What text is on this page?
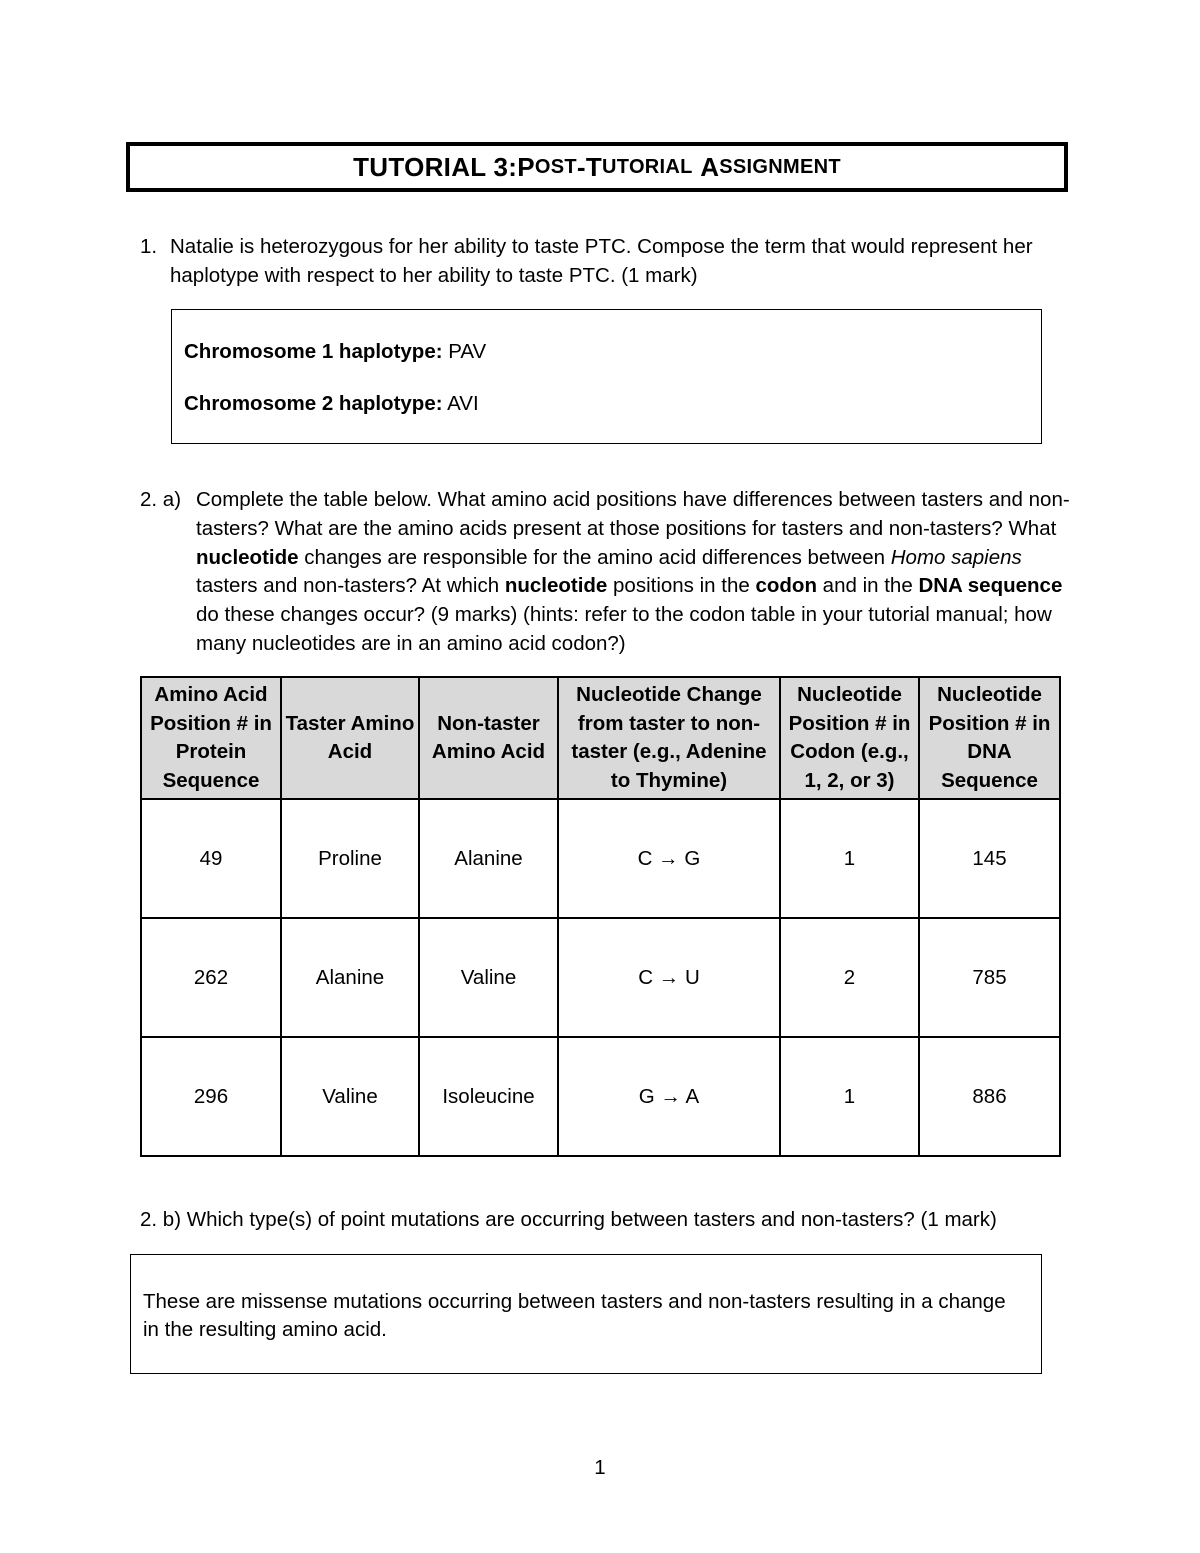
TUTORIAL 3: P OST - T UTORIAL
A SSIGNMENT
1. Natalie is heterozygous for her ability to taste PTC. Compose the term that would represent her haplotype with respect to her ability to taste PTC. (1 mark)
Chromosome 1 haplotype: PAV
Chromosome 2 haplotype: AVI
2. a) Complete the table below. What amino acid positions have differences between tasters and non-tasters? What are the amino acids present at those positions for tasters and non-tasters? What nucleotide changes are responsible for the amino acid differences between Homo sapiens tasters and non-tasters? At which nucleotide positions in the codon and in the DNA sequence do these changes occur? (9 marks) (hints: refer to the codon table in your tutorial manual; how many nucleotides are in an amino acid codon?)
Amino Acid Position # in Protein Sequence	Taster Amino Acid	Non-taster Amino Acid	Nucleotide Change from taster to non-taster (e.g., Adenine to Thymine)	Nucleotide Position # in Codon (e.g., 1, 2, or 3)	Nucleotide Position # in DNA Sequence
49	Proline	Alanine	C → G	1	145
262	Alanine	Valine	C → U	2	785
296	Valine	Isoleucine	G → A	1	886
2. b) Which type(s) of point mutations are occurring between tasters and non-tasters? (1 mark)
These are missense mutations occurring between tasters and non-tasters resulting in a change in the resulting amino acid.
1
